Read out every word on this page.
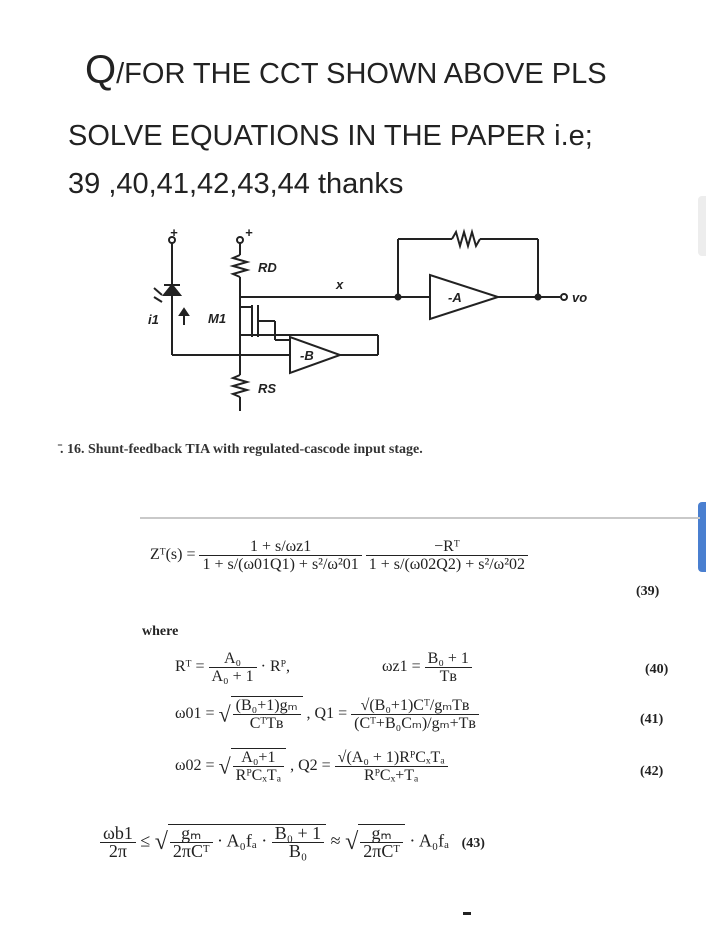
Q/FOR THE CCT SHOWN ABOVE PLS
SOLVE EQUATIONS IN THE PAPER i.e;
39 ,40,41,42,43,44 thanks
+	+
RD
RS
M1
i1
x
-A
-B
vo
̄. 16. Shunt-feedback TIA with regulated-cascode input stage.
Zᵀ(s) = $\frac{1 + s/\omega z1}{\text{1 + s/(ω01Q1) + s²/ω²01}}$
$\frac{\text{−Rᵀ}}{\text{1 + s/(ω02Q2) + s²/ω²02}}$
(39)
where
Rᵀ = $\frac{\text{A₀}}{\text{A₀ + 1}}$ · Rᴾ,	$\omega z1 = \frac{\text{B₀ + 1}}{\text{Tʙ}}$	(40)
ω01 = √ $\frac{\text{(B₀+1)gₘ}}{\text{CᵀTʙ}}$ , $Q1 = \frac{\text{√(B₀+1)Cᵀ/gₘTʙ}}{\text{(Cᵀ+B₀Cₘ)/gₘ+Tʙ}}$	(41)
ω02 = √ $\frac{\text{A₀+1}}{\text{RᴾCₓTₐ}}$ , $Q2 = \frac{\text{√(A₀ + 1)RᴾCₓTₐ}}{\text{RᴾCₓ+Tₐ}}$	(42)
$\frac{\omega b1}{2\pi}$ ≤ √ $\frac{\text{gₘ}}{\text{2πCᵀ}} \cdot A_0f_a \cdot \frac{\text{B₀ + 1}}{\text{B₀}}$ ≈ √ $\frac{\text{gₘ}}{\text{2πCᵀ}} \cdot A_0f_a$ (43)
